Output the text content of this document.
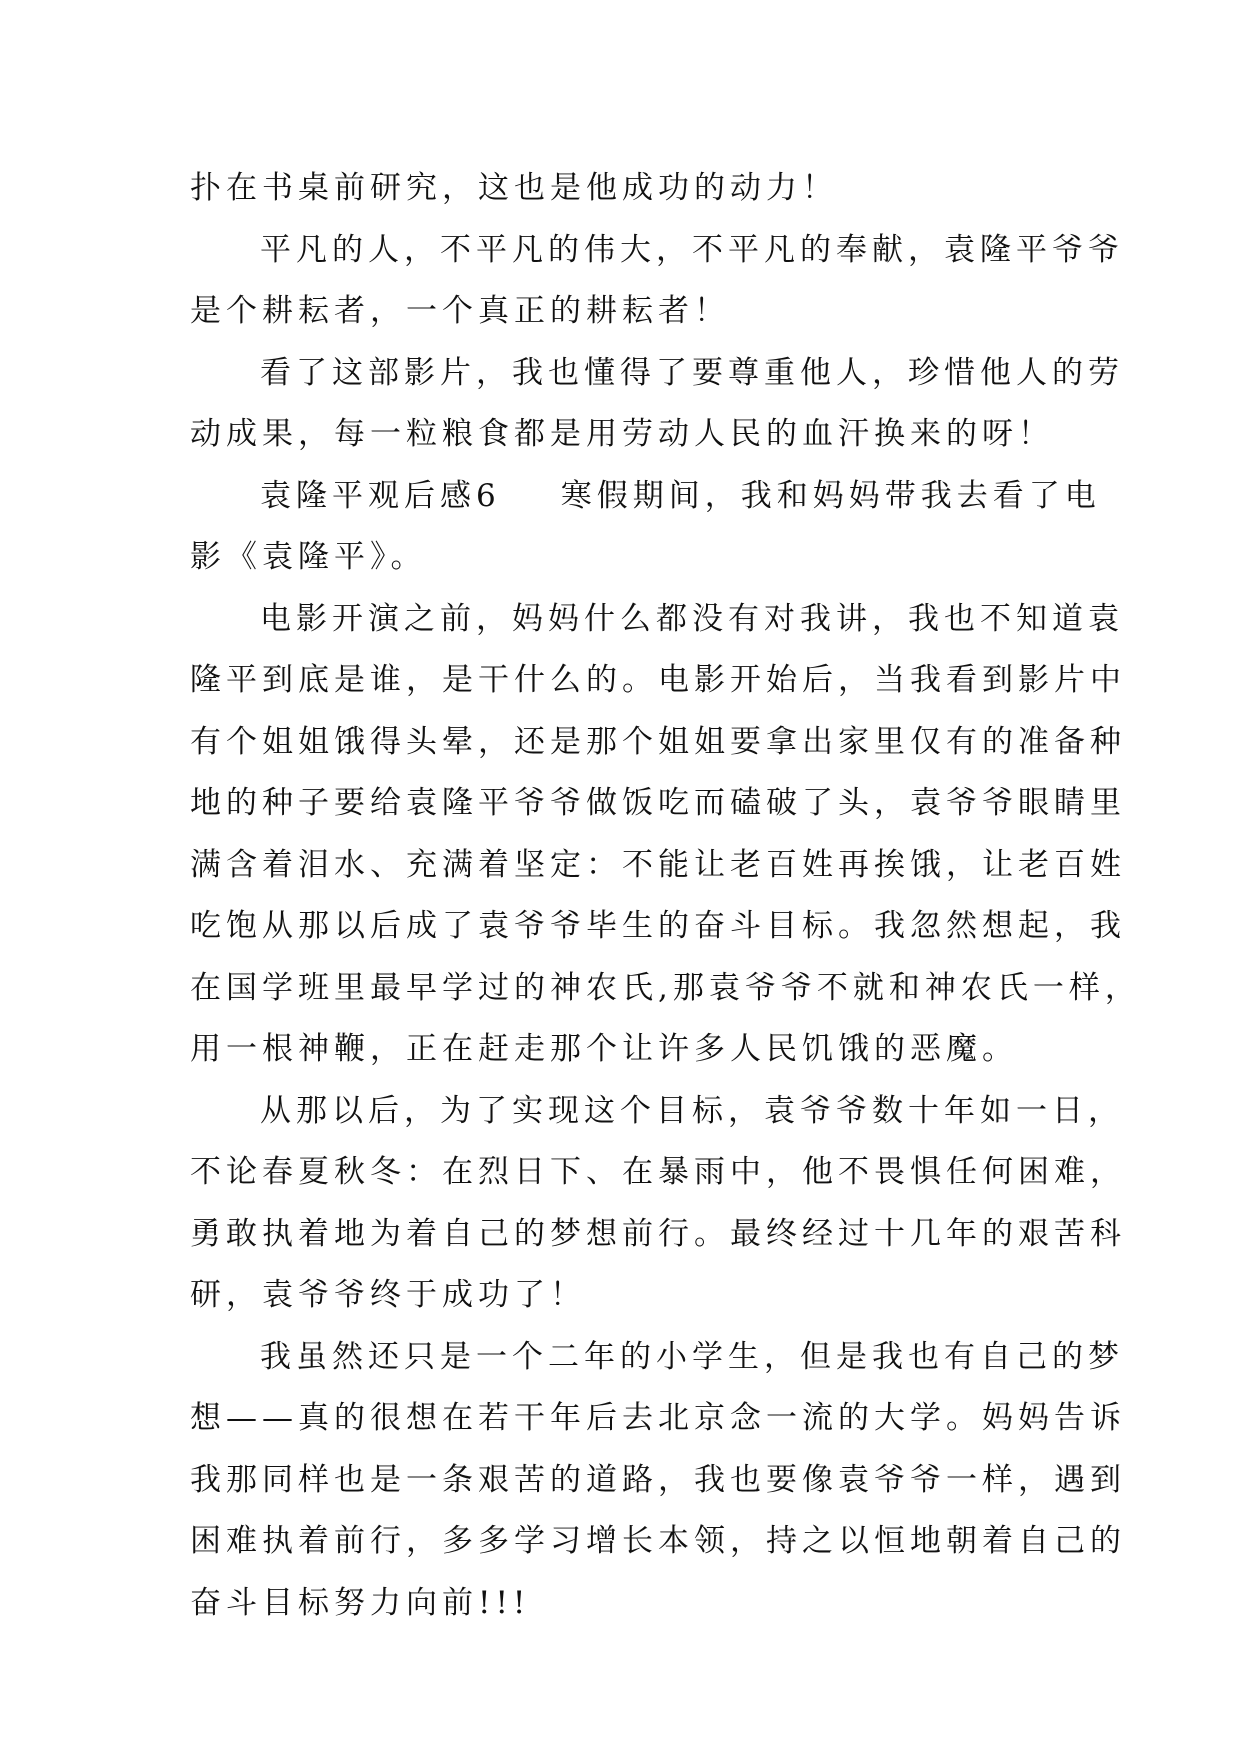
扑在书桌前研究，这也是他成功的动力！
平凡的人，不平凡的伟大，不平凡的奉献，袁隆平爷爷
是个耕耘者，一个真正的耕耘者！
看了这部影片，我也懂得了要尊重他人，珍惜他人的劳
动成果，每一粒粮食都是用劳动人民的血汗换来的呀！
袁隆平观后感6 寒假期间，我和妈妈带我去看了电
影《袁隆平》。
电影开演之前，妈妈什么都没有对我讲，我也不知道袁
隆平到底是谁，是干什么的。电影开始后，当我看到影片中
有个姐姐饿得头晕，还是那个姐姐要拿出家里仅有的准备种
地的种子要给袁隆平爷爷做饭吃而磕破了头，袁爷爷眼睛里
满含着泪水、充满着坚定：不能让老百姓再挨饿，让老百姓
吃饱从那以后成了袁爷爷毕生的奋斗目标。我忽然想起，我
在国学班里最早学过的神农氏,那袁爷爷不就和神农氏一样，
用一根神鞭，正在赶走那个让许多人民饥饿的恶魔。
从那以后，为了实现这个目标，袁爷爷数十年如一日，
不论春夏秋冬：在烈日下、在暴雨中，他不畏惧任何困难，
勇敢执着地为着自己的梦想前行。最终经过十几年的艰苦科
研，袁爷爷终于成功了！
我虽然还只是一个二年的小学生，但是我也有自己的梦
想——真的很想在若干年后去北京念一流的大学。妈妈告诉
我那同样也是一条艰苦的道路，我也要像袁爷爷一样，遇到
困难执着前行，多多学习增长本领，持之以恒地朝着自己的
奋斗目标努力向前!!!
